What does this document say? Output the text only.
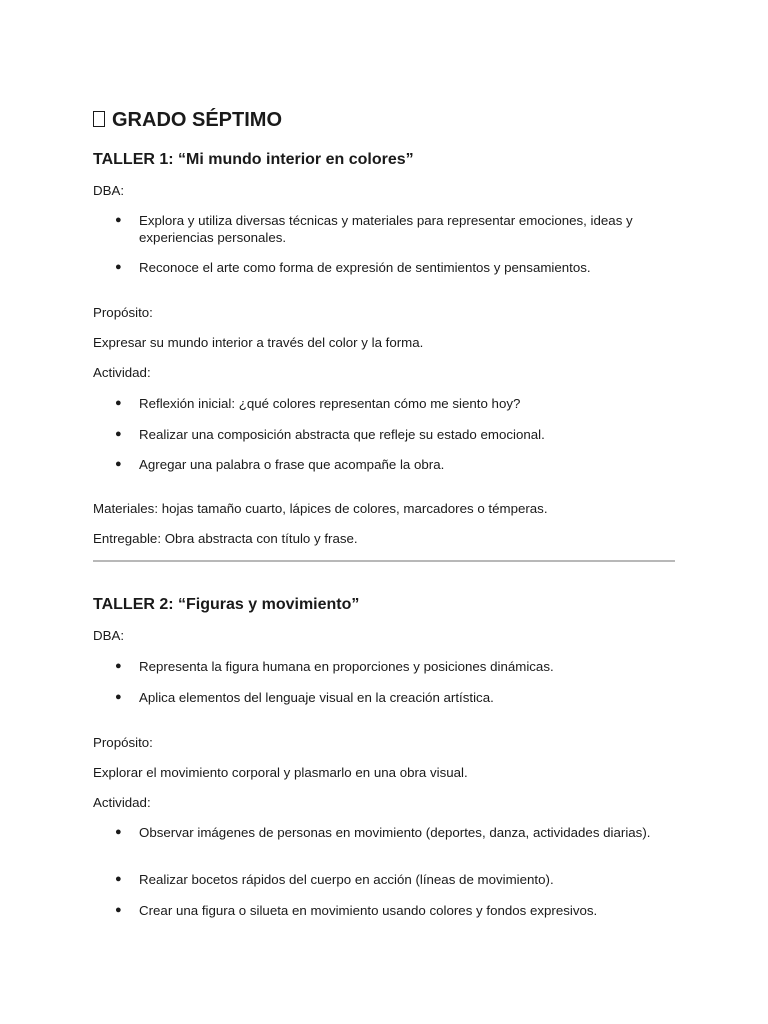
GRADO SÉPTIMO
TALLER 1: “Mi mundo interior en colores”
DBA:
●	Explora y utiliza diversas técnicas y materiales para representar emociones, ideas y experiencias personales.
●	Reconoce el arte como forma de expresión de sentimientos y pensamientos.
Propósito:
Expresar su mundo interior a través del color y la forma.
Actividad:
●	Reflexión inicial: ¿qué colores representan cómo me siento hoy?
●	Realizar una composición abstracta que refleje su estado emocional.
●	Agregar una palabra o frase que acompañe la obra.
Materiales: hojas tamaño cuarto, lápices de colores, marcadores o témperas.
Entregable: Obra abstracta con título y frase.
TALLER 2: “Figuras y movimiento”
DBA:
●	Representa la figura humana en proporciones y posiciones dinámicas.
●	Aplica elementos del lenguaje visual en la creación artística.
Propósito:
Explorar el movimiento corporal y plasmarlo en una obra visual.
Actividad:
●	Observar imágenes de personas en movimiento (deportes, danza, actividades diarias).
●	Realizar bocetos rápidos del cuerpo en acción (líneas de movimiento).
●	Crear una figura o silueta en movimiento usando colores y fondos expresivos.
